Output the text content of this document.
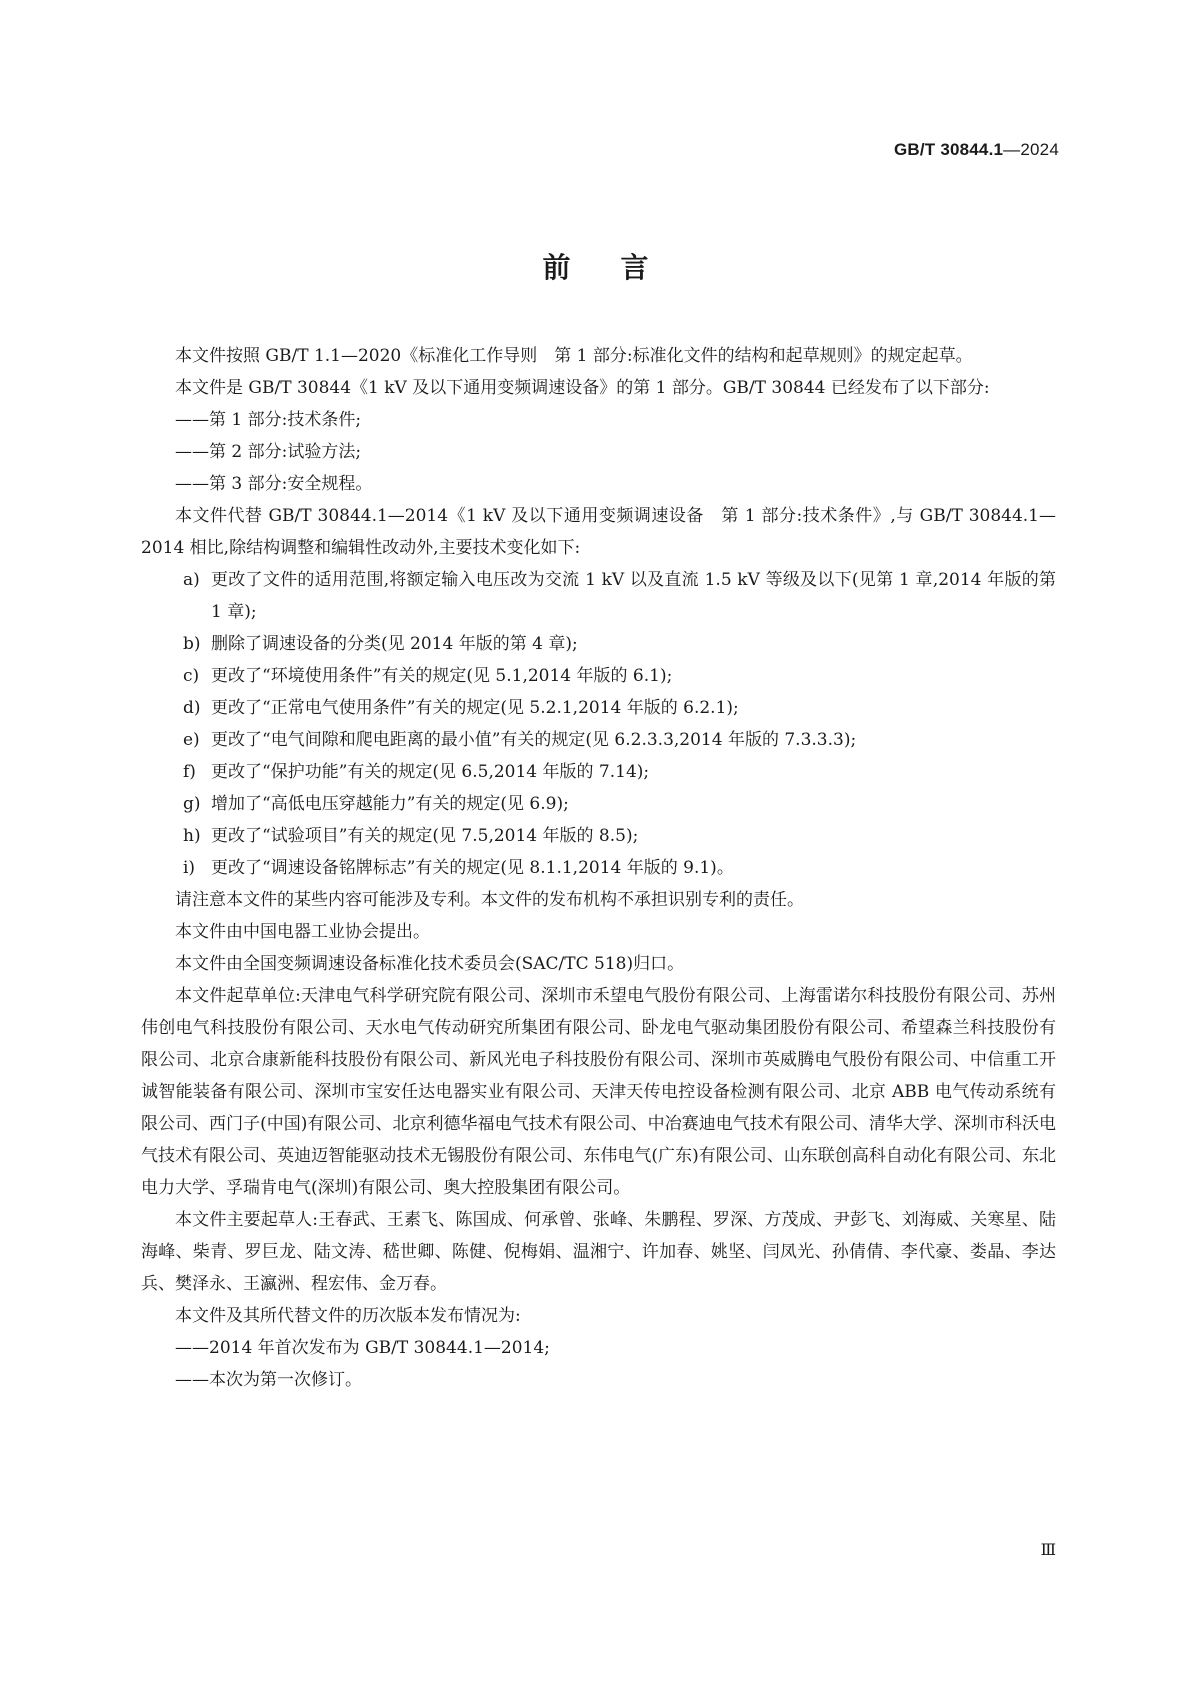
GB/T 30844.1—2024
前言

本文件按照 GB/T 1.1—2020《标准化工作导则　第 1 部分:标准化文件的结构和起草规则》的规定起草。

本文件是 GB/T 30844《1 kV 及以下通用变频调速设备》的第 1 部分。GB/T 30844 已经发布了以下部分:

——第 1 部分:技术条件;

——第 2 部分:试验方法;

——第 3 部分:安全规程。

本文件代替 GB/T 30844.1—2014《1 kV 及以下通用变频调速设备　第 1 部分:技术条件》,与 GB/T 30844.1—2014 相比,除结构调整和编辑性改动外,主要技术变化如下:

a) 更改了文件的适用范围,将额定输入电压改为交流 1 kV 以及直流 1.5 kV 等级及以下(见第 1 章,2014 年版的第 1 章);

b) 删除了调速设备的分类(见 2014 年版的第 4 章);

c) 更改了“环境使用条件”有关的规定(见 5.1,2014 年版的 6.1);

d) 更改了“正常电气使用条件”有关的规定(见 5.2.1,2014 年版的 6.2.1);

e) 更改了“电气间隙和爬电距离的最小值”有关的规定(见 6.2.3.3,2014 年版的 7.3.3.3);

f) 更改了“保护功能”有关的规定(见 6.5,2014 年版的 7.14);

g) 增加了“高低电压穿越能力”有关的规定(见 6.9);

h) 更改了“试验项目”有关的规定(见 7.5,2014 年版的 8.5);

i) 更改了“调速设备铭牌标志”有关的规定(见 8.1.1,2014 年版的 9.1)。

请注意本文件的某些内容可能涉及专利。本文件的发布机构不承担识别专利的责任。

本文件由中国电器工业协会提出。

本文件由全国变频调速设备标准化技术委员会(SAC/TC 518)归口。

本文件起草单位:天津电气科学研究院有限公司、深圳市禾望电气股份有限公司、上海雷诺尔科技股份有限公司、苏州伟创电气科技股份有限公司、天水电气传动研究所集团有限公司、卧龙电气驱动集团股份有限公司、希望森兰科技股份有限公司、北京合康新能科技股份有限公司、新风光电子科技股份有限公司、深圳市英威腾电气股份有限公司、中信重工开诚智能装备有限公司、深圳市宝安任达电器实业有限公司、天津天传电控设备检测有限公司、北京 ABB 电气传动系统有限公司、西门子(中国)有限公司、北京利德华福电气技术有限公司、中冶赛迪电气技术有限公司、清华大学、深圳市科沃电气技术有限公司、英迪迈智能驱动技术无锡股份有限公司、东伟电气(广东)有限公司、山东联创高科自动化有限公司、东北电力大学、孚瑞肯电气(深圳)有限公司、奥大控股集团有限公司。

本文件主要起草人:王春武、王素飞、陈国成、何承曾、张峰、朱鹏程、罗深、方茂成、尹彭飞、刘海威、关寒星、陆海峰、柴青、罗巨龙、陆文涛、嵇世卿、陈健、倪梅娟、温湘宁、许加春、姚坚、闫凤光、孙倩倩、李代豪、娄晶、李达兵、樊泽永、王瀛洲、程宏伟、金万春。

本文件及其所代替文件的历次版本发布情况为:

——2014 年首次发布为 GB/T 30844.1—2014;

——本次为第一次修订。

Ⅲ
